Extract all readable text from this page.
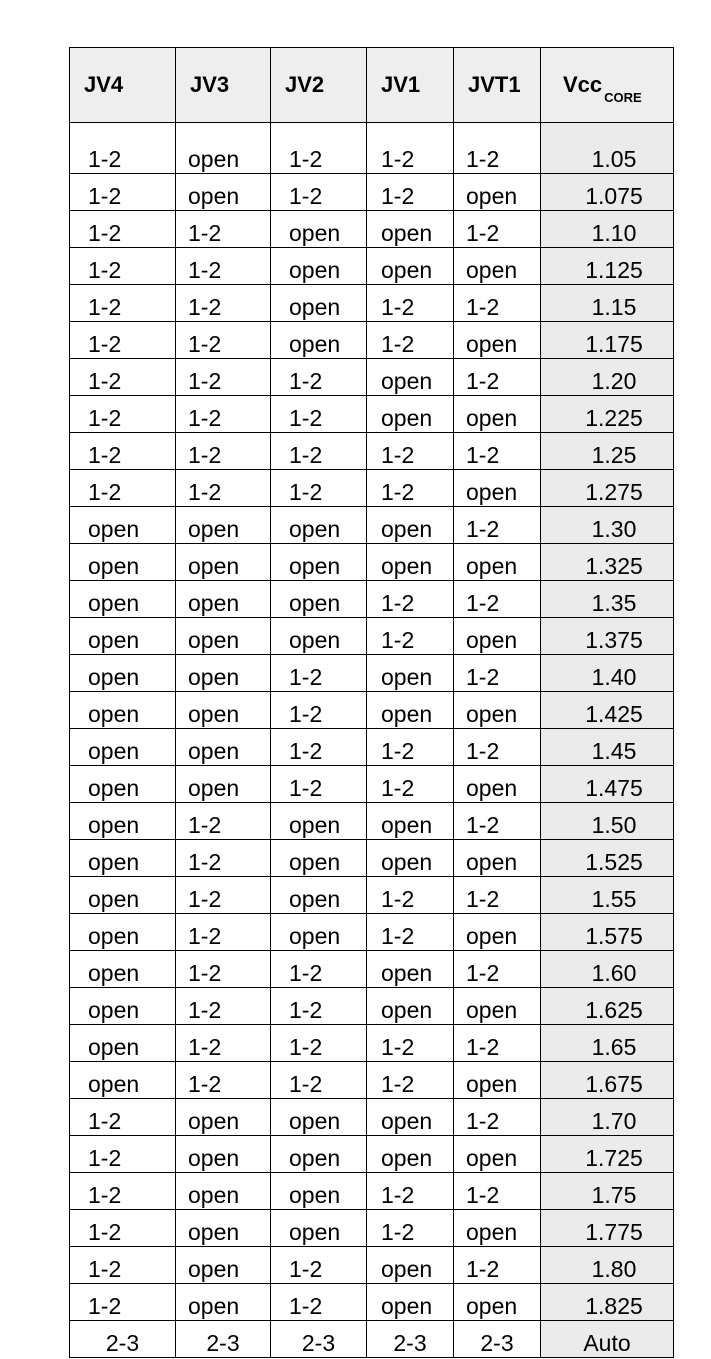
JV4	JV3	JV2	JV1	JVT1	Vcc$_{CORE}$
1-2	open	1-2	1-2	1-2	1.05
1-2	open	1-2	1-2	open	1.075
1-2	1-2	open	open	1-2	1.10
1-2	1-2	open	open	open	1.125
1-2	1-2	open	1-2	1-2	1.15
1-2	1-2	open	1-2	open	1.175
1-2	1-2	1-2	open	1-2	1.20
1-2	1-2	1-2	open	open	1.225
1-2	1-2	1-2	1-2	1-2	1.25
1-2	1-2	1-2	1-2	open	1.275
open	open	open	open	1-2	1.30
open	open	open	open	open	1.325
open	open	open	1-2	1-2	1.35
open	open	open	1-2	open	1.375
open	open	1-2	open	1-2	1.40
open	open	1-2	open	open	1.425
open	open	1-2	1-2	1-2	1.45
open	open	1-2	1-2	open	1.475
open	1-2	open	open	1-2	1.50
open	1-2	open	open	open	1.525
open	1-2	open	1-2	1-2	1.55
open	1-2	open	1-2	open	1.575
open	1-2	1-2	open	1-2	1.60
open	1-2	1-2	open	open	1.625
open	1-2	1-2	1-2	1-2	1.65
open	1-2	1-2	1-2	open	1.675
1-2	open	open	open	1-2	1.70
1-2	open	open	open	open	1.725
1-2	open	open	1-2	1-2	1.75
1-2	open	open	1-2	open	1.775
1-2	open	1-2	open	1-2	1.80
1-2	open	1-2	open	open	1.825
2-3	2-3	2-3	2-3	2-3	Auto
